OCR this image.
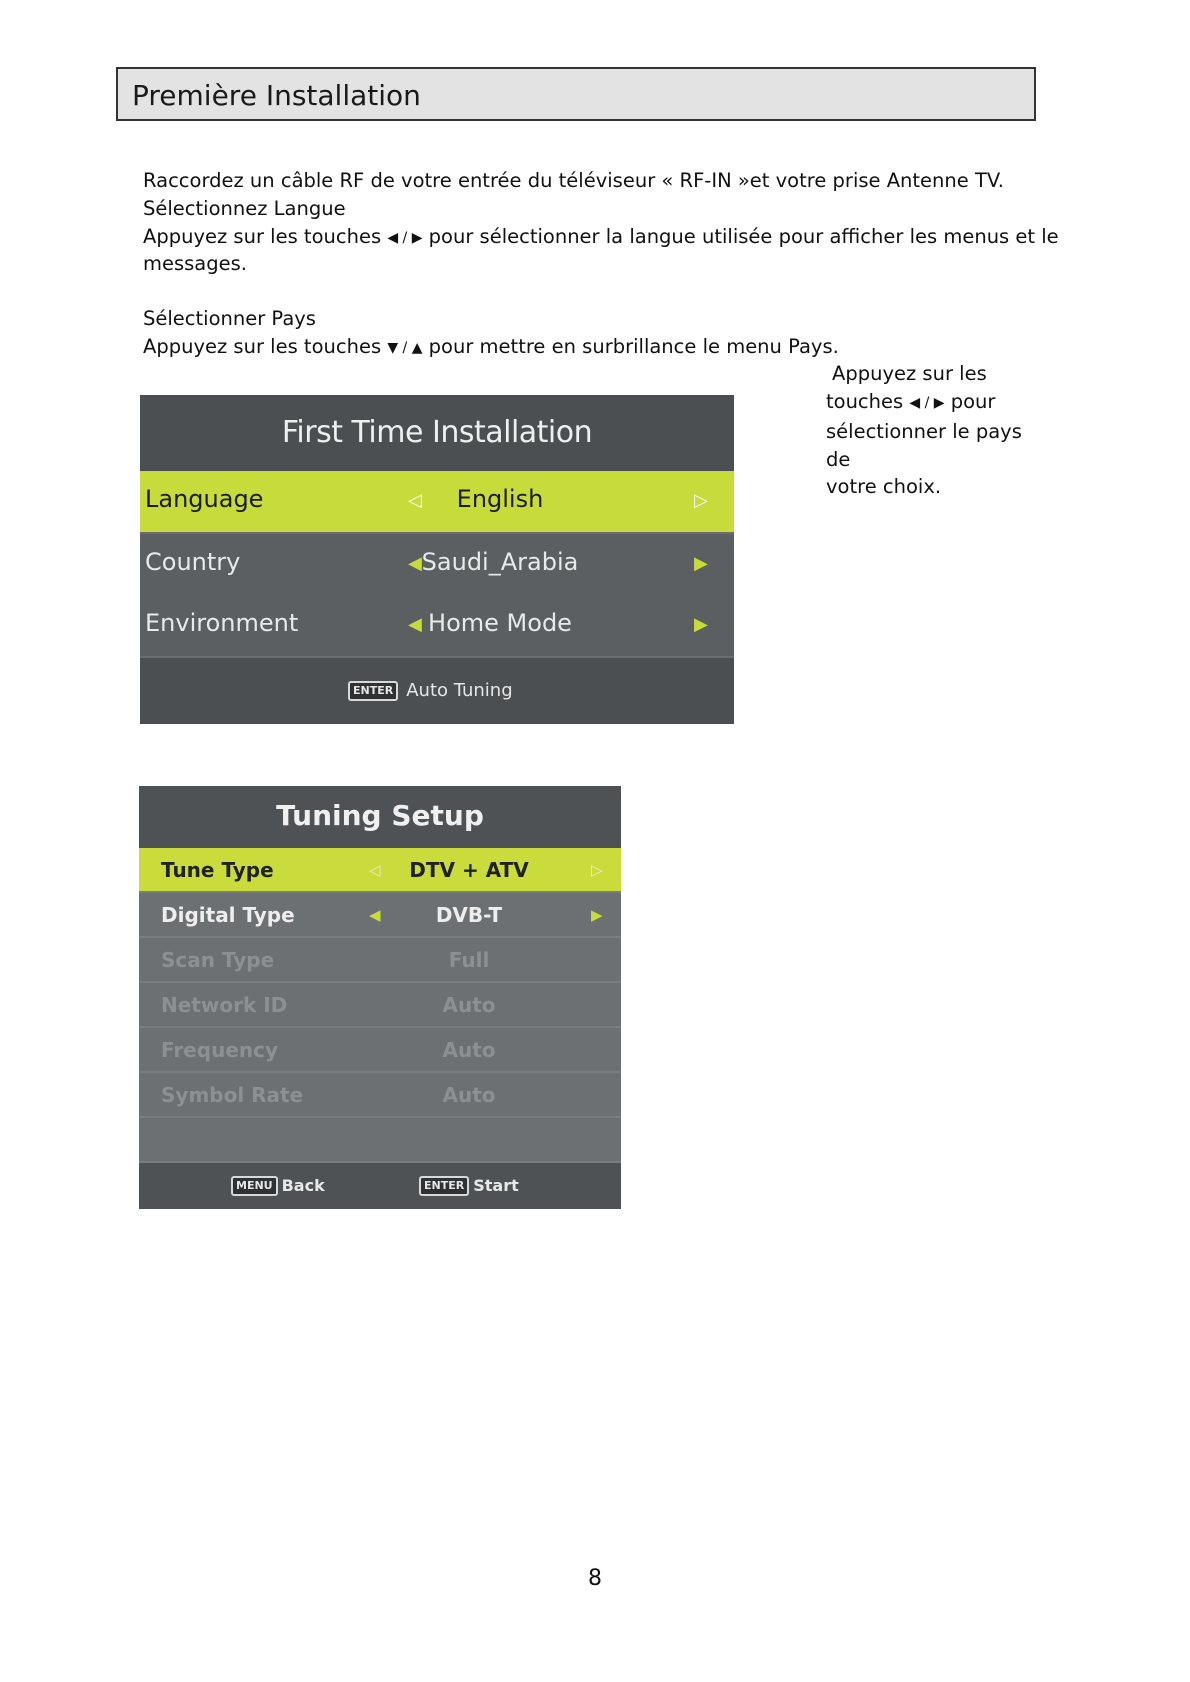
Première Installation

Raccordez un câble RF de votre entrée du téléviseur « RF-IN »et votre prise Antenne TV.

Sélectionnez Langue

Appuyez sur les touches ◀ / ▶ pour sélectionner la langue utilisée pour afficher les menus et le

messages.

Sélectionner Pays

Appuyez sur les touches ▼ / ▲ pour mettre en surbrillance le menu Pays.

Appuyez sur les
touches ◀ / ▶ pour
sélectionner le pays de
votre choix.
First Time Installation
Language	◁	English	▷
Country	◀ Saudi_Arabia	▶
Environment	◀ Home Mode	▶
ENTER Auto Tuning
Tuning Setup
Tune Type	◁	DTV + ATV	▷
Digital Type	◀	DVB-T	▶
Scan Type	Full
Network ID	Auto
Frequency	Auto
Symbol Rate	Auto
MENU Back	ENTER Start
8
